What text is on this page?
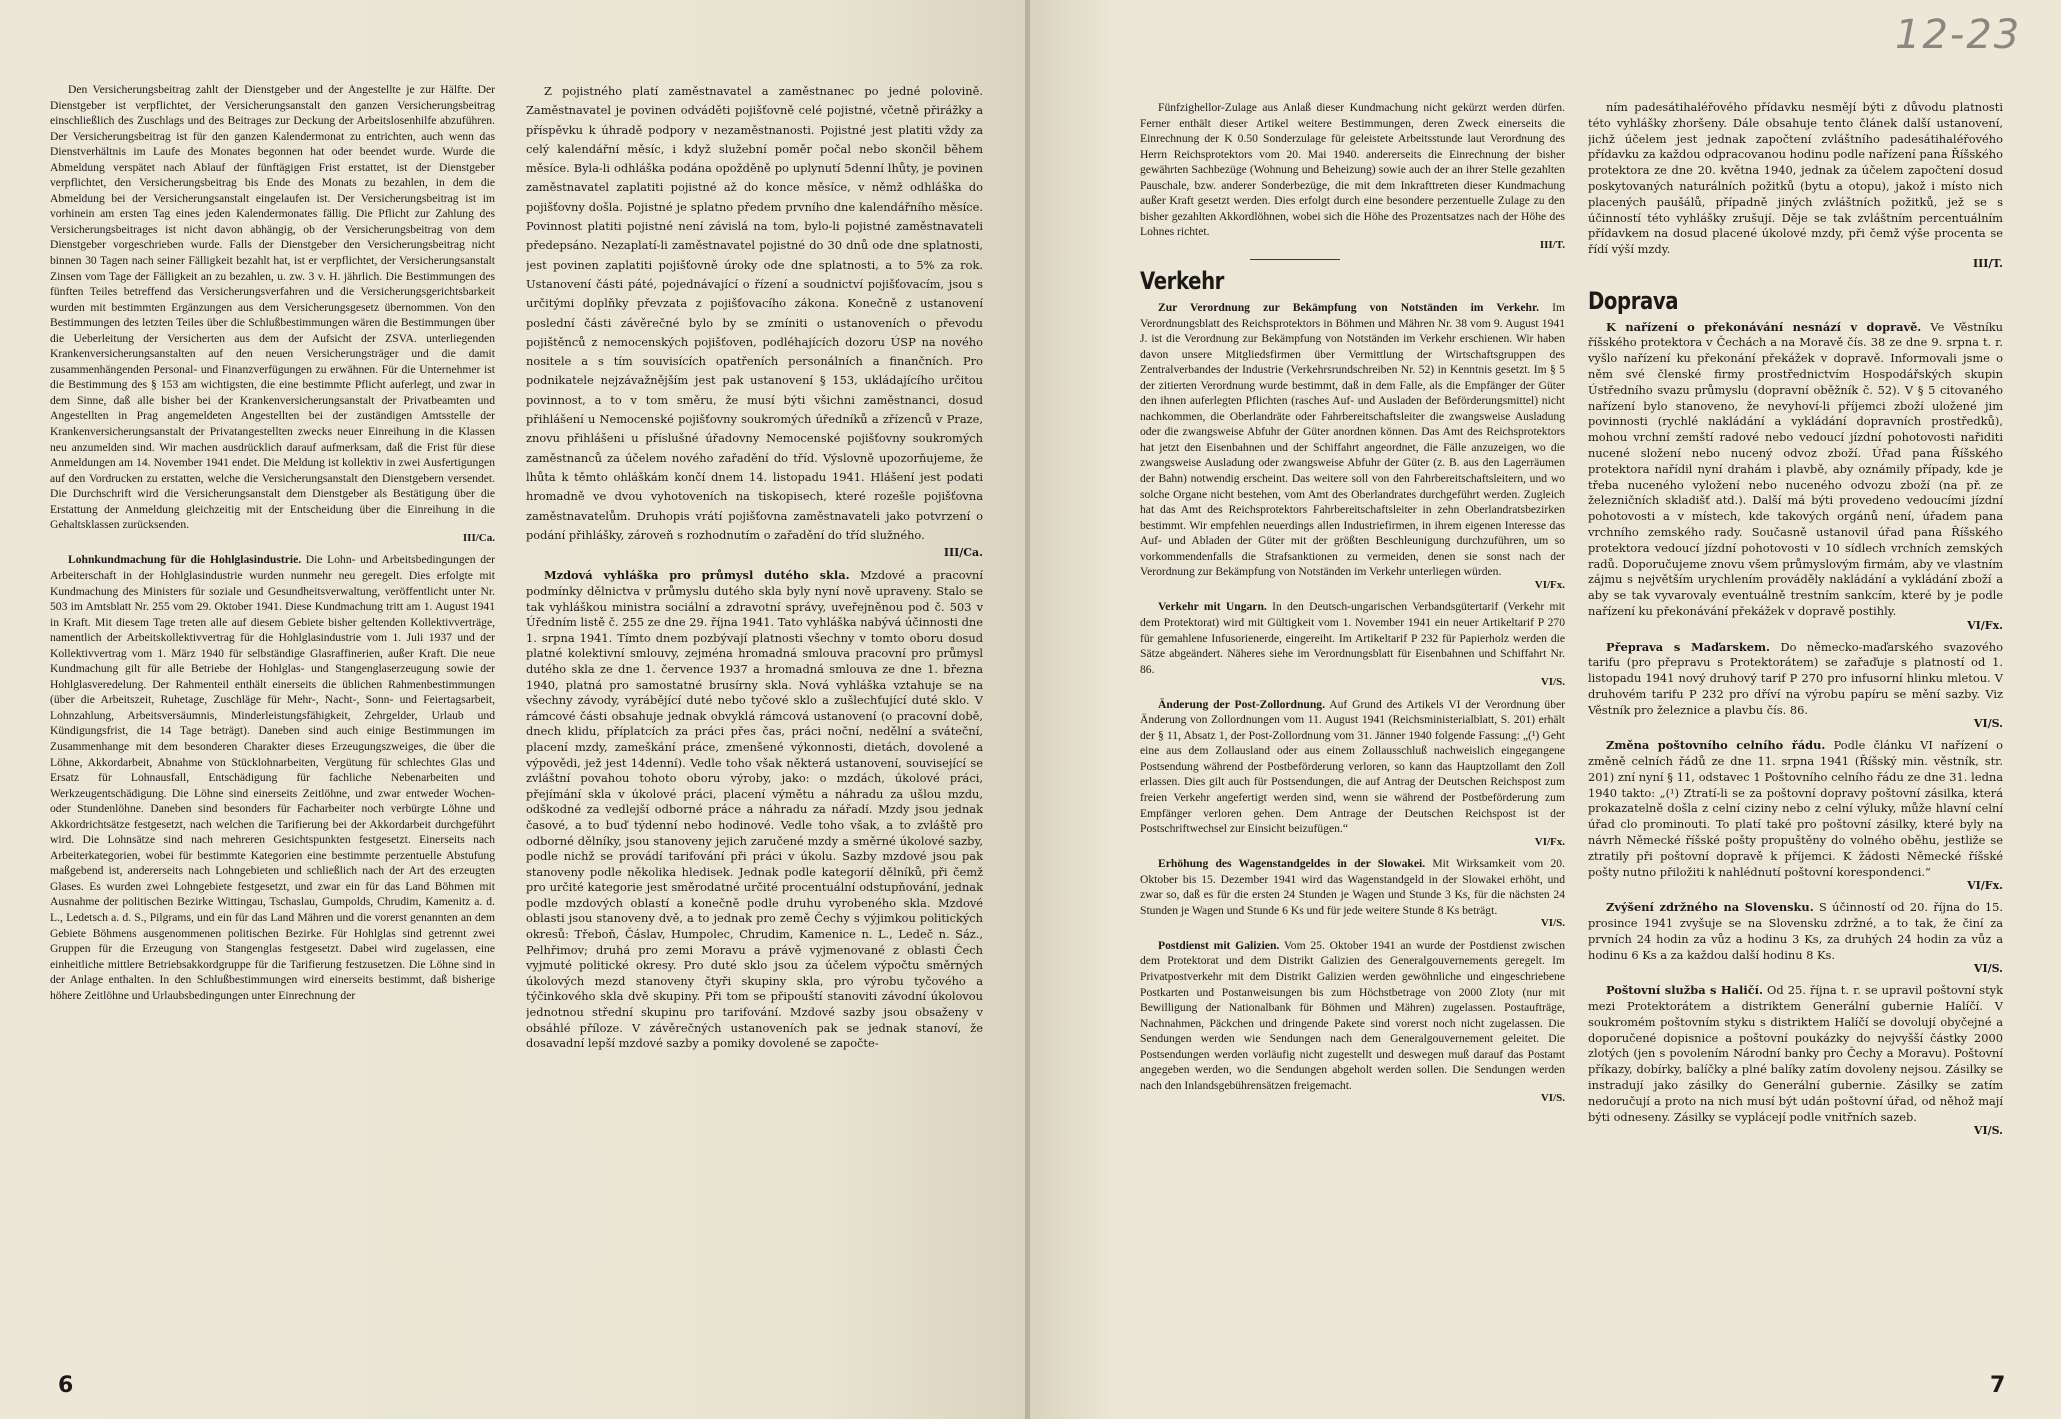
Den Versicherungsbeitrag zahlt der Dienstgeber und der Angestellte je zur Hälfte. Der Dienstgeber ist verpflichtet, der Versicherungsanstalt den ganzen Versicherungsbeitrag einschließlich des Zuschlags und des Beitrages zur Deckung der Arbeitslosenhilfe abzuführen. Der Versicherungsbeitrag ist für den ganzen Kalendermonat zu entrichten, auch wenn das Dienstverhältnis im Laufe des Monates begonnen hat oder beendet wurde. Wurde die Abmeldung verspätet nach Ablauf der fünftägigen Frist erstattet, ist der Dienstgeber verpflichtet, den Versicherungsbeitrag bis Ende des Monats zu bezahlen, in dem die Abmeldung bei der Versicherungsanstalt eingelaufen ist. Der Versicherungsbeitrag ist im vorhinein am ersten Tag eines jeden Kalendermonates fällig. Die Pflicht zur Zahlung des Versicherungsbeitrages ist nicht davon abhängig, ob der Versicherungsbeitrag von dem Dienstgeber vorgeschrieben wurde. Falls der Dienstgeber den Versicherungsbeitrag nicht binnen 30 Tagen nach seiner Fälligkeit bezahlt hat, ist er verpflichtet, der Versicherungsanstalt Zinsen vom Tage der Fälligkeit an zu bezahlen, u. zw. 3 v. H. jährlich. Die Bestimmungen des fünften Teiles betreffend das Versicherungsverfahren und die Versicherungsgerichtsbarkeit wurden mit bestimmten Ergänzungen aus dem Versicherungsgesetz übernommen. Von den Bestimmungen des letzten Teiles über die Schlußbestimmungen wären die Bestimmungen über die Ueberleitung der Versicherten aus dem der Aufsicht der ZSVA. unterliegenden Krankenversicherungsanstalten auf den neuen Versicherungsträger und die damit zusammenhängenden Personal- und Finanzverfügungen zu erwähnen. Für die Unternehmer ist die Bestimmung des § 153 am wichtigsten, die eine bestimmte Pflicht auferlegt, und zwar in dem Sinne, daß alle bisher bei der Krankenversicherungsanstalt der Privatbeamten und Angestellten in Prag angemeldeten Angestellten bei der zuständigen Amtsstelle der Krankenversicherungsanstalt der Privatangestellten zwecks neuer Einreihung in die Klassen neu anzumelden sind. Wir machen ausdrücklich darauf aufmerksam, daß die Frist für diese Anmeldungen am 14. November 1941 endet. Die Meldung ist kollektiv in zwei Ausfertigungen auf den Vordrucken zu erstatten, welche die Versicherungsanstalt den Dienstgebern versendet. Die Durchschrift wird die Versicherungsanstalt dem Dienstgeber als Bestätigung über die Erstattung der Anmeldung gleichzeitig mit der Entscheidung über die Einreihung in die Gehaltsklassen zurücksenden.

III/Ca.

Lohnkundmachung für die Hohlglasindustrie. Die Lohn- und Arbeitsbedingungen der Arbeiterschaft in der Hohlglasindustrie wurden nunmehr neu geregelt. Dies erfolgte mit Kundmachung des Ministers für soziale und Gesundheitsverwaltung, veröffentlicht unter Nr. 503 im Amtsblatt Nr. 255 vom 29. Oktober 1941. Diese Kundmachung tritt am 1. August 1941 in Kraft. Mit diesem Tage treten alle auf diesem Gebiete bisher geltenden Kollektivverträge, namentlich der Arbeitskollektivvertrag für die Hohlglasindustrie vom 1. Juli 1937 und der Kollektivvertrag vom 1. März 1940 für selbständige Glasraffinerien, außer Kraft. Die neue Kundmachung gilt für alle Betriebe der Hohlglas- und Stangenglaserzeugung sowie der Hohlglasveredelung. Der Rahmenteil enthält einerseits die üblichen Rahmenbestimmungen (über die Arbeitszeit, Ruhetage, Zuschläge für Mehr-, Nacht-, Sonn- und Feiertagsarbeit, Lohnzahlung, Arbeitsversäumnis, Minderleistungsfähigkeit, Zehrgelder, Urlaub und Kündigungsfrist, die 14 Tage beträgt). Daneben sind auch einige Bestimmungen im Zusammenhange mit dem besonderen Charakter dieses Erzeugungszweiges, die über die Löhne, Akkordarbeit, Abnahme von Stücklohnarbeiten, Vergütung für schlechtes Glas und Ersatz für Lohnausfall, Entschädigung für fachliche Nebenarbeiten und Werkzeugentschädigung. Die Löhne sind einerseits Zeitlöhne, und zwar entweder Wochen- oder Stundenlöhne. Daneben sind besonders für Facharbeiter noch verbürgte Löhne und Akkordrichtsätze festgesetzt, nach welchen die Tarifierung bei der Akkordarbeit durchgeführt wird. Die Lohnsätze sind nach mehreren Gesichtspunkten festgesetzt. Einerseits nach Arbeiterkategorien, wobei für bestimmte Kategorien eine bestimmte perzentuelle Abstufung maßgebend ist, andererseits nach Lohngebieten und schließlich nach der Art des erzeugten Glases. Es wurden zwei Lohngebiete festgesetzt, und zwar ein für das Land Böhmen mit Ausnahme der politischen Bezirke Wittingau, Tschaslau, Gumpolds, Chrudim, Kamenitz a. d. L., Ledetsch a. d. S., Pilgrams, und ein für das Land Mähren und die vorerst genannten an dem Gebiete Böhmens ausgenommenen politischen Bezirke. Für Hohlglas sind getrennt zwei Gruppen für die Erzeugung von Stangenglas festgesetzt. Dabei wird zugelassen, eine einheitliche mittlere Betriebsakkordgruppe für die Tarifierung festzusetzen. Die Löhne sind in der Anlage enthalten. In den Schlußbestimmungen wird einerseits bestimmt, daß bisherige höhere Zeitlöhne und Urlaubsbedingungen unter Einrechnung der

Z pojistného platí zaměstnavatel a zaměstnanec po jedné polovině. Zaměstnavatel je povinen odváděti pojišťovně celé pojistné, včetně přirážky a příspěvku k úhradě podpory v nezaměstnanosti. Pojistné jest platiti vždy za celý kalendářní měsíc, i když služební poměr počal nebo skončil během měsíce. Byla-li odhláška podána opožděně po uplynutí 5denní lhůty, je povinen zaměstnavatel zaplatiti pojistné až do konce měsíce, v němž odhláška do pojišťovny došla. Pojistné je splatno předem prvního dne kalendářního měsíce. Povinnost platiti pojistné není závislá na tom, bylo-li pojistné zaměstnavateli předepsáno. Nezaplatí-li zaměstnavatel pojistné do 30 dnů ode dne splatnosti, jest povinen zaplatiti pojišťovně úroky ode dne splatnosti, a to 5% za rok. Ustanovení části páté, pojednávající o řízení a soudnictví pojišťovacím, jsou s určitými doplňky převzata z pojišťovacího zákona. Konečně z ustanovení poslední části závěrečné bylo by se zmíniti o ustanoveních o převodu pojištěnců z nemocenských pojišťoven, podléhajících dozoru ÚSP na nového nositele a s tím souvisících opatřeních personálních a finančních. Pro podnikatele nejzávažnějším jest pak ustanovení § 153, ukládajícího určitou povinnost, a to v tom směru, že musí býti všichni zaměstnanci, dosud přihlášení u Nemocenské pojišťovny soukromých úředníků a zřízenců v Praze, znovu přihlášeni u příslušné úřadovny Nemocenské pojišťovny soukromých zaměstnanců za účelem nového zařadění do tříd. Výslovně upozorňujeme, že lhůta k těmto ohláškám končí dnem 14. listopadu 1941. Hlášení jest podati hromadně ve dvou vyhotoveních na tiskopisech, které rozešle pojišťovna zaměstnavatelům. Druhopis vrátí pojišťovna zaměstnavateli jako potvrzení o podání přihlášky, zároveň s rozhodnutím o zařadění do tříd služného.

III/Ca.

Mzdová vyhláška pro průmysl dutého skla. Mzdové a pracovní podmínky dělnictva v průmyslu dutého skla byly nyní nově upraveny. Stalo se tak vyhláškou ministra sociální a zdravotní správy, uveřejněnou pod č. 503 v Úředním listě č. 255 ze dne 29. října 1941. Tato vyhláška nabývá účinnosti dne 1. srpna 1941. Tímto dnem pozbývají platnosti všechny v tomto oboru dosud platné kolektivní smlouvy, zejména hromadná smlouva pracovní pro průmysl dutého skla ze dne 1. července 1937 a hromadná smlouva ze dne 1. března 1940, platná pro samostatné brusírny skla. Nová vyhláška vztahuje se na všechny závody, vyrábějící duté nebo tyčové sklo a zušlechťující duté sklo. V rámcové části obsahuje jednak obvyklá rámcová ustanovení (o pracovní době, dnech klidu, příplatcích za práci přes čas, práci noční, nedělní a sváteční, placení mzdy, zameškání práce, zmenšené výkonnosti, dietách, dovolené a výpovědi, jež jest 14denní). Vedle toho však některá ustanovení, související se zvláštní povahou tohoto oboru výroby, jako: o mzdách, úkolové práci, přejímání skla v úkolové práci, placení výmětu a náhradu za ušlou mzdu, odškodné za vedlejší odborné práce a náhradu za nářadí. Mzdy jsou jednak časové, a to buď týdenní nebo hodinové. Vedle toho však, a to zvláště pro odborné dělníky, jsou stanoveny jejich zaručené mzdy a směrné úkolové sazby, podle nichž se provádí tarifování při práci v úkolu. Sazby mzdové jsou pak stanoveny podle několika hledisek. Jednak podle kategorií dělníků, při čemž pro určité kategorie jest směrodatné určité procentuální odstupňování, jednak podle mzdových oblastí a konečně podle druhu vyrobeného skla. Mzdové oblasti jsou stanoveny dvě, a to jednak pro země Čechy s výjimkou politických okresů: Třeboň, Čáslav, Humpolec, Chrudim, Kamenice n. L., Ledeč n. Sáz., Pelhřimov; druhá pro zemi Moravu a právě vyjmenované z oblasti Čech vyjmuté politické okresy. Pro duté sklo jsou za účelem výpočtu směrných úkolových mezd stanoveny čtyři skupiny skla, pro výrobu tyčového a týčinkového skla dvě skupiny. Při tom se připouští stanoviti závodní úkolovou jednotnou střední skupinu pro tarifování. Mzdové sazby jsou obsaženy v obsáhlé příloze. V závěrečných ustanoveních pak se jednak stanoví, že dosavadní lepší mzdové sazby a pomiky dovolené se započte-

6
12-23

Fünfzighellor-Zulage aus Anlaß dieser Kundmachung nicht gekürzt werden dürfen. Ferner enthält dieser Artikel weitere Bestimmungen, deren Zweck einerseits die Einrechnung der K 0.50 Sonderzulage für geleistete Arbeitsstunde laut Verordnung des Herrn Reichsprotektors vom 20. Mai 1940. andererseits die Einrechnung der bisher gewährten Sachbezüge (Wohnung und Beheizung) sowie auch der an ihrer Stelle gezahlten Pauschale, bzw. anderer Sonderbezüge, die mit dem Inkrafttreten dieser Kundmachung außer Kraft gesetzt werden. Dies erfolgt durch eine besondere perzentuelle Zulage zu den bisher gezahlten Akkordlöhnen, wobei sich die Höhe des Prozentsatzes nach der Höhe des Lohnes richtet.

III/T.
Verkehr

Zur Verordnung zur Bekämpfung von Notständen im Verkehr. Im Verordnungsblatt des Reichsprotektors in Böhmen und Mähren Nr. 38 vom 9. August 1941 J. ist die Verordnung zur Bekämpfung von Notständen im Verkehr erschienen. Wir haben davon unsere Mitgliedsfirmen über Vermittlung der Wirtschaftsgruppen des Zentralverbandes der Industrie (Verkehrsrundschreiben Nr. 52) in Kenntnis gesetzt. Im § 5 der zitierten Verordnung wurde bestimmt, daß in dem Falle, als die Empfänger der Güter den ihnen auferlegten Pflichten (rasches Auf- und Ausladen der Beförderungsmittel) nicht nachkommen, die Oberlandräte oder Fahrbereitschaftsleiter die zwangsweise Ausladung oder die zwangsweise Abfuhr der Güter anordnen können. Das Amt des Reichsprotektors hat jetzt den Eisenbahnen und der Schiffahrt angeordnet, die Fälle anzuzeigen, wo die zwangsweise Ausladung oder zwangsweise Abfuhr der Güter (z. B. aus den Lagerräumen der Bahn) notwendig erscheint. Das weitere soll von den Fahrbereitschaftsleitern, und wo solche Organe nicht bestehen, vom Amt des Oberlandrates durchgeführt werden. Zugleich hat das Amt des Reichsprotektors Fahrbereitschaftsleiter in zehn Oberlandratsbezirken bestimmt. Wir empfehlen neuerdings allen Industriefirmen, in ihrem eigenen Interesse das Auf- und Abladen der Güter mit der größten Beschleunigung durchzuführen, um so vorkommendenfalls die Strafsanktionen zu vermeiden, denen sie sonst nach der Verordnung zur Bekämpfung von Notständen im Verkehr unterliegen würden.

VI/Fx.

Verkehr mit Ungarn. In den Deutsch-ungarischen Verbandsgütertarif (Verkehr mit dem Protektorat) wird mit Gültigkeit vom 1. November 1941 ein neuer Artikeltarif P 270 für gemahlene Infusorienerde, eingereiht. Im Artikeltarif P 232 für Papierholz werden die Sätze abgeändert. Näheres siehe im Verordnungsblatt für Eisenbahnen und Schiffahrt Nr. 86.

VI/S.

Änderung der Post-Zollordnung. Auf Grund des Artikels VI der Verordnung über Änderung von Zollordnungen vom 11. August 1941 (Reichsministerialblatt, S. 201) erhält der § 11, Absatz 1, der Post-Zollordnung vom 31. Jänner 1940 folgende Fassung: „(¹) Geht eine aus dem Zollausland oder aus einem Zollausschluß nachweislich eingegangene Postsendung während der Postbeförderung verloren, so kann das Hauptzollamt den Zoll erlassen. Dies gilt auch für Postsendungen, die auf Antrag der Deutschen Reichspost zum freien Verkehr angefertigt werden sind, wenn sie während der Postbeförderung zum Empfänger verloren gehen. Dem Antrage der Deutschen Reichspost ist der Postschriftwechsel zur Einsicht beizufügen.“

VI/Fx.

Erhöhung des Wagenstandgeldes in der Slowakei. Mit Wirksamkeit vom 20. Oktober bis 15. Dezember 1941 wird das Wagenstandgeld in der Slowakei erhöht, und zwar so, daß es für die ersten 24 Stunden je Wagen und Stunde 3 Ks, für die nächsten 24 Stunden je Wagen und Stunde 6 Ks und für jede weitere Stunde 8 Ks beträgt.

VI/S.

Postdienst mit Galizien. Vom 25. Oktober 1941 an wurde der Postdienst zwischen dem Protektorat und dem Distrikt Galizien des Generalgouvernements geregelt. Im Privatpostverkehr mit dem Distrikt Galizien werden gewöhnliche und eingeschriebene Postkarten und Postanweisungen bis zum Höchstbetrage von 2000 Zloty (nur mit Bewilligung der Nationalbank für Böhmen und Mähren) zugelassen. Postaufträge, Nachnahmen, Päckchen und dringende Pakete sind vorerst noch nicht zugelassen. Die Sendungen werden wie Sendungen nach dem Generalgouvernement geleitet. Die Postsendungen werden vorläufig nicht zugestellt und deswegen muß darauf das Postamt angegeben werden, wo die Sendungen abgeholt werden sollen. Die Sendungen werden nach den Inlandsgebührensätzen freigemacht.

VI/S.

ním padesátihaléřového přídavku nesmějí býti z důvodu platnosti této vyhlášky zhoršeny. Dále obsahuje tento článek další ustanovení, jichž účelem jest jednak započtení zvláštního padesátihaléřového přídavku za každou odpracovanou hodinu podle nařízení pana Říšského protektora ze dne 20. května 1940, jednak za účelem započtení dosud poskytovaných naturálních požitků (bytu a otopu), jakož i místo nich placených paušálů, případně jiných zvláštních požitků, jež se s účinností této vyhlášky zrušují. Děje se tak zvláštním percentuálním přídavkem na dosud placené úkolové mzdy, při čemž výše procenta se řídí výší mzdy.

III/T.
Doprava

K nařízení o překonávání nesnází v dopravě. Ve Věstníku říšského protektora v Čechách a na Moravě čís. 38 ze dne 9. srpna t. r. vyšlo nařízení ku překonání překážek v dopravě. Informovali jsme o něm své členské firmy prostřednictvím Hospodářských skupin Ústředního svazu průmyslu (dopravní oběžník č. 52). V § 5 citovaného nařízení bylo stanoveno, že nevyhoví-li příjemci zboží uložené jim povinnosti (rychlé nakládání a vykládání dopravních prostředků), mohou vrchní zemští radové nebo vedoucí jízdní pohotovosti nařiditi nucené složení nebo nucený odvoz zboží. Úřad pana Říšského protektora nařídil nyní drahám i plavbě, aby oznámily případy, kde je třeba nuceného vyložení nebo nuceného odvozu zboží (na př. ze železničních skladišť atd.). Další má býti provedeno vedoucími jízdní pohotovosti a v místech, kde takových orgánů není, úřadem pana vrchního zemského rady. Současně ustanovil úřad pana Říšského protektora vedoucí jízdní pohotovosti v 10 sídlech vrchních zemských radů. Doporučujeme znovu všem průmyslovým firmám, aby ve vlastním zájmu s největším urychlením prováděly nakládání a vykládání zboží a aby se tak vyvarovaly eventuálně trestním sankcím, které by je podle nařízení ku překonávání překážek v dopravě postihly.

VI/Fx.

Přeprava s Maďarskem. Do německo-maďarského svazového tarifu (pro přepravu s Protektorátem) se zařaďuje s platností od 1. listopadu 1941 nový druhový tarif P 270 pro infusorní hlinku mletou. V druhovém tarifu P 232 pro dříví na výrobu papíru se mění sazby. Viz Věstník pro železnice a plavbu čís. 86.

VI/S.

Změna poštovního celního řádu. Podle článku VI nařízení o změně celních řádů ze dne 11. srpna 1941 (Říšský min. věstník, str. 201) zní nyní § 11, odstavec 1 Poštovního celního řádu ze dne 31. ledna 1940 takto: „(¹) Ztratí-li se za poštovní dopravy poštovní zásilka, která prokazatelně došla z celní ciziny nebo z celní výluky, může hlavní celní úřad clo prominouti. To platí také pro poštovní zásilky, které byly na návrh Německé říšské pošty propuštěny do volného oběhu, jestliže se ztratily při poštovní dopravě k příjemci. K žádosti Německé říšské pošty nutno přiložiti k nahlédnutí poštovní korespondenci.“

VI/Fx.

Zvýšení zdržného na Slovensku. S účinností od 20. října do 15. prosince 1941 zvyšuje se na Slovensku zdržné, a to tak, že činí za prvních 24 hodin za vůz a hodinu 3 Ks, za druhých 24 hodin za vůz a hodinu 6 Ks a za každou další hodinu 8 Ks.

VI/S.

Poštovní služba s Haličí. Od 25. října t. r. se upravil poštovní styk mezi Protektorátem a distriktem Generální gubernie Halíčí. V soukromém poštovním styku s distriktem Halíčí se dovolují obyčejné a doporučené dopisnice a poštovní poukázky do nejvyšší částky 2000 zlotých (jen s povolením Národní banky pro Čechy a Moravu). Poštovní příkazy, dobírky, balíčky a plné balíky zatím dovoleny nejsou. Zásilky se instradují jako zásilky do Generální gubernie. Zásilky se zatím nedoručují a proto na nich musí být udán poštovní úřad, od něhož mají býti odneseny. Zásilky se vyplácejí podle vnitřních sazeb.

VI/S.
7
